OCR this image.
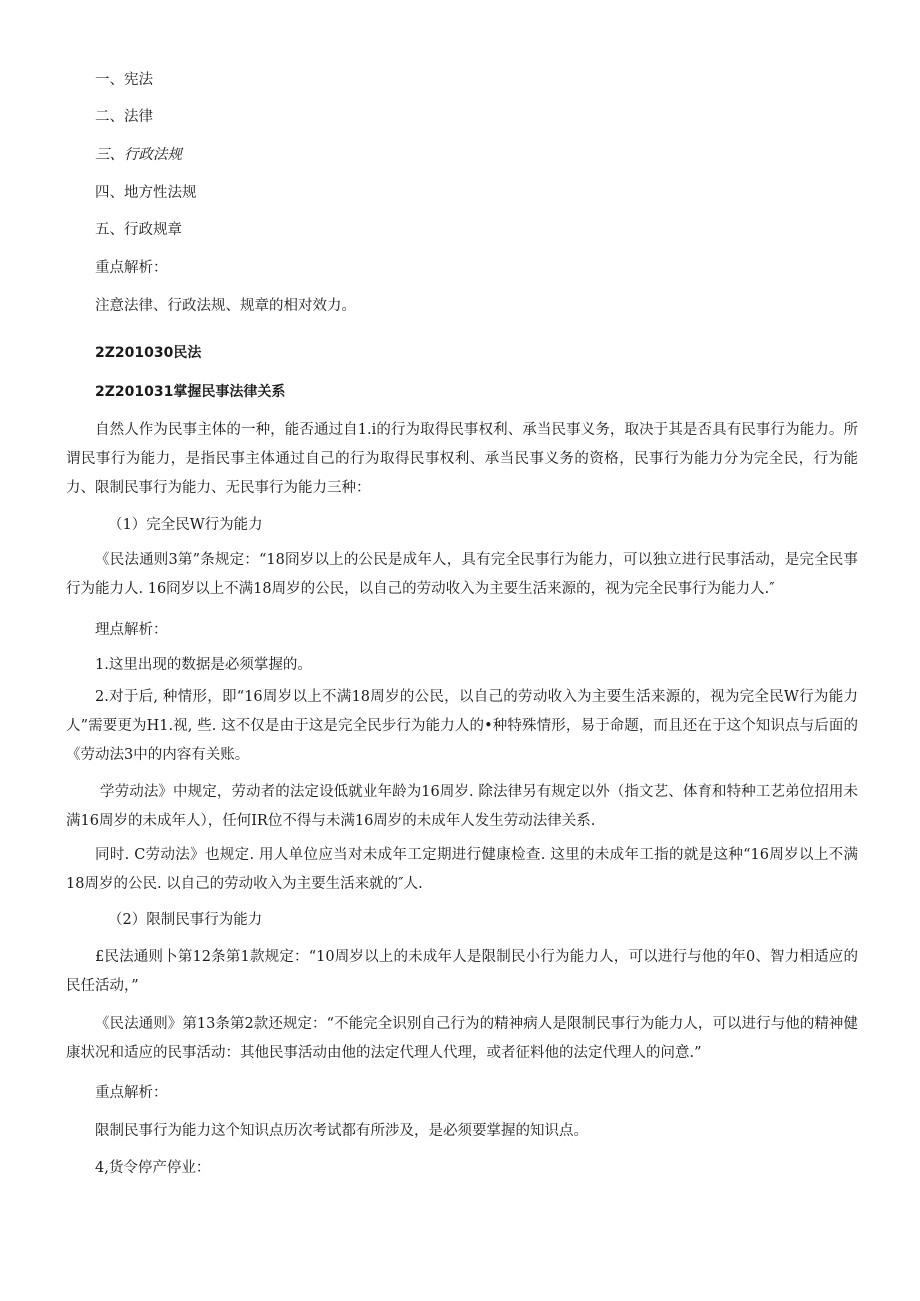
一、宪法
二、法律
三、行政法规
四、地方性法规
五、行政规章
重点解析：
注意法律、行政法规、规章的相对效力。
2Z201030民法
2Z201031掌握民事法律关系
自然人作为民事主体的一种，能否通过自1.i的行为取得民事权利、承当民事义务，取决于其是否具有民事行为能力。所谓民事行为能力，是指民事主体通过自己的行为取得民事权利、承当民事义务的资格，民事行为能力分为完全民，行为能力、限制民事行为能力、无民事行为能力三种：
（1）完全民W行为能力
《民法通则3第”条规定：“18冏岁以上的公民是成年人，具有完全民事行为能力，可以独立进行民事活动，是完全民事行为能力人. 16冏岁以上不满18周岁的公民，以自己的劳动收入为主要生活来源的，视为完全民事行为能力人.″
理点解析：
1.这里出现的数据是必须掌握的。
2.对于后, 种情形，即“16周岁以上不满18周岁的公民，以自己的劳动收入为主要生活来源的，视为完全民W行为能力人”需要更为H1.视, 些. 这不仅是由于这是完全民步行为能力人的•种特殊情形，易于命题，而且还在于这个知识点与后面的《劳动法3中的内容有关账。
学劳动法》中规定，劳动者的法定设低就业年龄为16周岁. 除法律另有规定以外（指文艺、体育和特种工艺弟位招用未满16周岁的未成年人），任何IR位不得与未满16周岁的未成年人发生劳动法律关系.
同时. C劳动法》也规定. 用人单位应当对未成年工定期进行健康检查. 这里的未成年工指的就是这种“16周岁以上不满18周岁的公民. 以自己的劳动收入为主要生活来就的″人.
（2）限制民事行为能力
£民法通则卜第12条第1款规定：“10周岁以上的未成年人是限制民小行为能力人，可以进行与他的年0、智力相适应的民任活动，”
《民法通则》第13条第2款还规定：“不能完全识别自己行为的精神病人是限制民事行为能力人，可以进行与他的精神健康状况和适应的民事活动：其他民事活动由他的法定代理人代理，或者征料他的法定代理人的问意.”
重点解析：
限制民事行为能力这个知识点历次考试都有所涉及，是必须要掌握的知识点。
4,货令停产停业：
